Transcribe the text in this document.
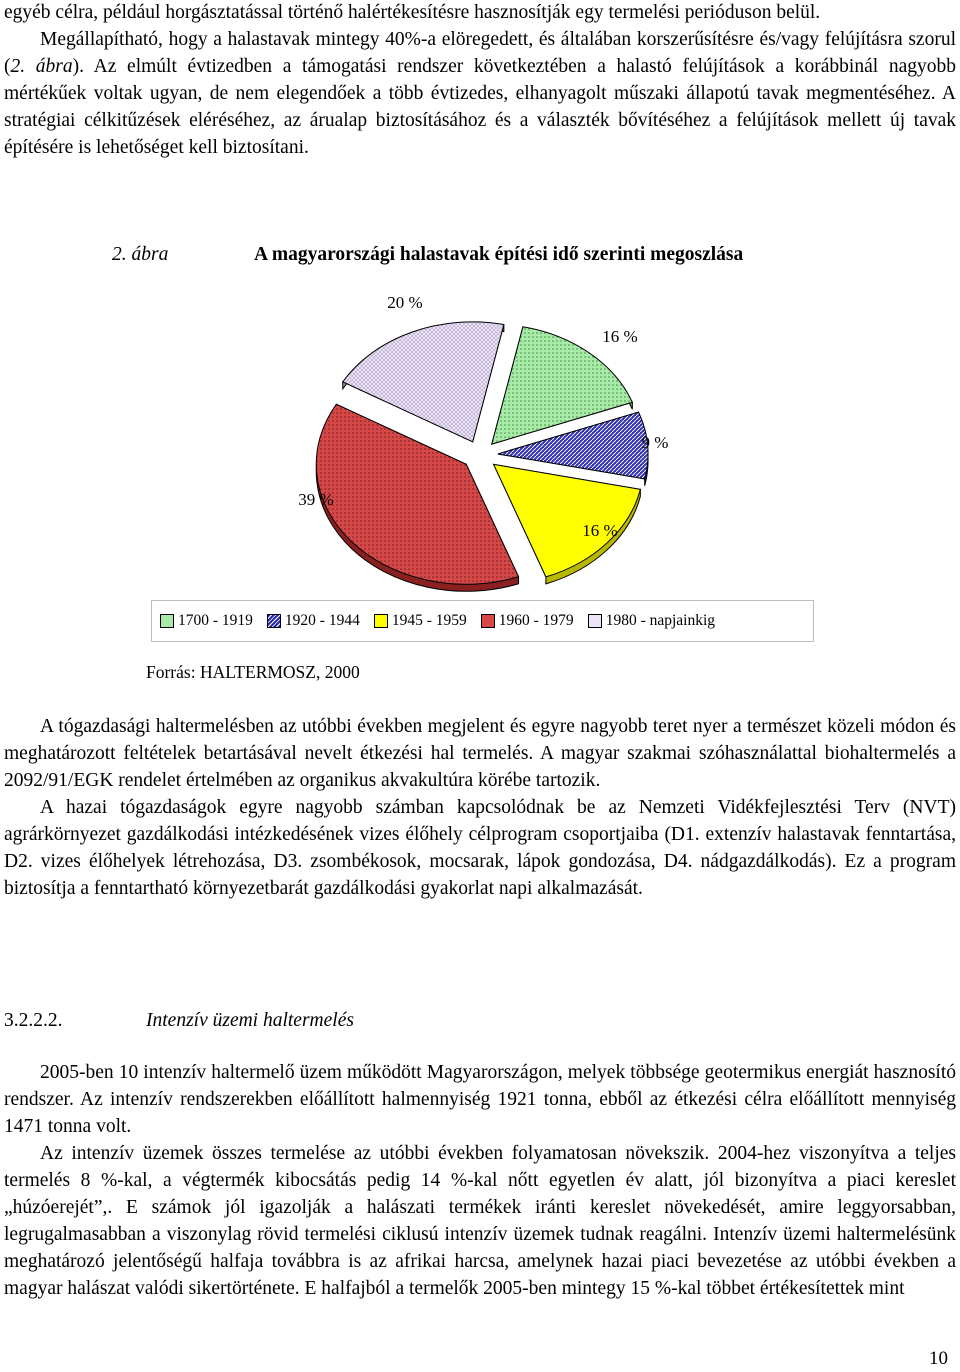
egyéb célra, például horgásztatással történő halértékesítésre hasznosítják egy termelési perióduson belül.

Megállapítható, hogy a halastavak mintegy 40%-a elöregedett, és általában korszerűsítésre és/vagy felújításra szorul (2. ábra). Az elmúlt évtizedben a támogatási rendszer következtében a halastó felújítások a korábbinál nagyobb mértékűek voltak ugyan, de nem elegendőek a több évtizedes, elhanyagolt műszaki állapotú tavak megmentéséhez. A stratégiai célkitűzések eléréséhez, az árualap biztosításához és a választék bővítéséhez a felújítások mellett új tavak építésére is lehetőséget kell biztosítani.

2. ábra	A magyarországi halastavak építési idő szerinti megoszlása
16 %
9 %
16 %
39 %
20 %
1700 - 1919 1920 - 1944 1945 - 1959 1960 - 1979 1980 - napjainkig
Forrás: HALTERMOSZ, 2000

A tógazdasági haltermelésben az utóbbi években megjelent és egyre nagyobb teret nyer a természet közeli módon és meghatározott feltételek betartásával nevelt étkezési hal termelés. A magyar szakmai szóhasználattal biohaltermelés a 2092/91/EGK rendelet értelmében az organikus akvakultúra körébe tartozik.

A hazai tógazdaságok egyre nagyobb számban kapcsolódnak be az Nemzeti Vidékfejlesztési Terv (NVT) agrárkörnyezet gazdálkodási intézkedésének vizes élőhely célprogram csoportjaiba (D1. extenzív halastavak fenntartása, D2. vizes élőhelyek létrehozása, D3. zsombékosok, mocsarak, lápok gondozása, D4. nádgazdálkodás). Ez a program biztosítja a fenntartható környezetbarát gazdálkodási gyakorlat napi alkalmazását.

3.2.2.2.	Intenzív üzemi haltermelés

2005-ben 10 intenzív haltermelő üzem működött Magyarországon, melyek többsége geotermikus energiát hasznosító rendszer. Az intenzív rendszerekben előállított halmennyiség 1921 tonna, ebből az étkezési célra előállított mennyiség 1471 tonna volt.

Az intenzív üzemek összes termelése az utóbbi években folyamatosan növekszik. 2004-hez viszonyítva a teljes termelés 8 %-kal, a végtermék kibocsátás pedig 14 %-kal nőtt egyetlen év alatt, jól bizonyítva a piaci kereslet „húzóerejét”,. E számok jól igazolják a halászati termékek iránti kereslet növekedését, amire leggyorsabban, legrugalmasabban a viszonylag rövid termelési ciklusú intenzív üzemek tudnak reagálni. Intenzív üzemi haltermelésünk meghatározó jelentőségű halfaja továbbra is az afrikai harcsa, amelynek hazai piaci bevezetése az utóbbi években a magyar halászat valódi sikertörténete. E halfajból a termelők 2005-ben mintegy 15 %-kal többet értékesítettek mint

10
